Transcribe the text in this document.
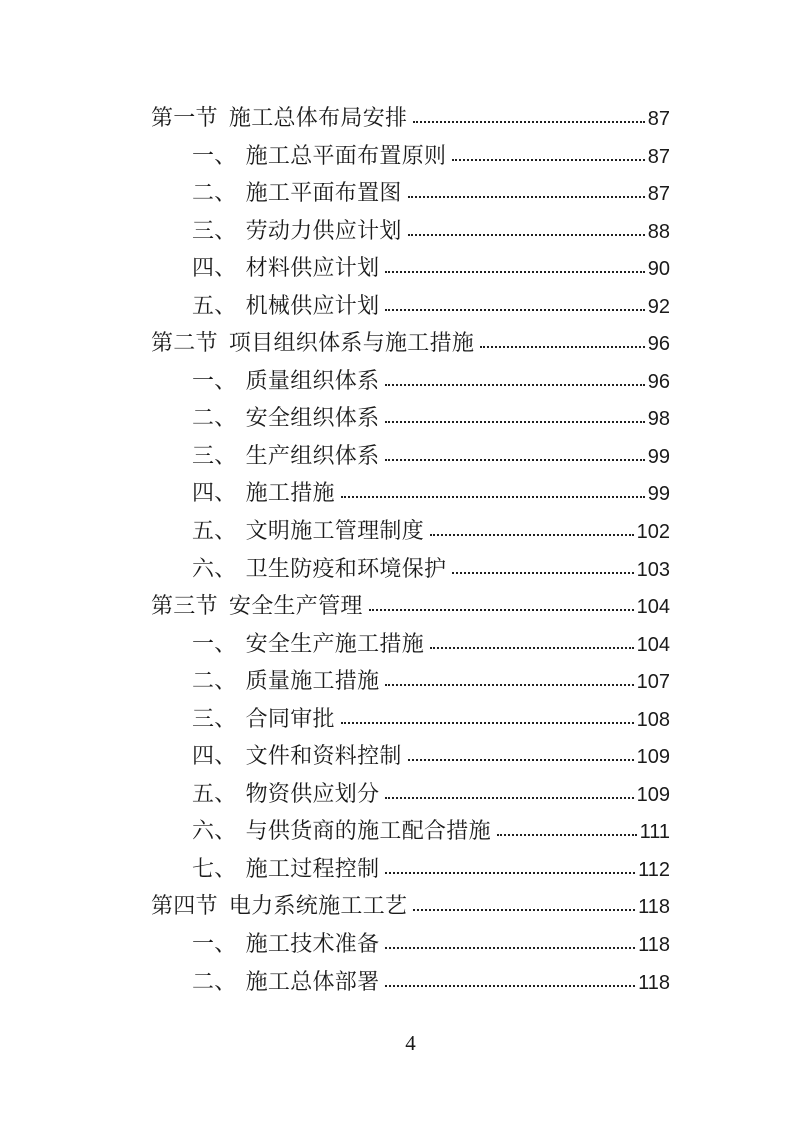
第一节 施工总体布局安排	87
一、 施工总平面布置原则	87
二、 施工平面布置图	87
三、 劳动力供应计划	88
四、 材料供应计划	90
五、 机械供应计划	92
第二节 项目组织体系与施工措施	96
一、 质量组织体系	96
二、 安全组织体系	98
三、 生产组织体系	99
四、 施工措施	99
五、 文明施工管理制度	102
六、 卫生防疫和环境保护	103
第三节 安全生产管理	104
一、 安全生产施工措施	104
二、 质量施工措施	107
三、 合同审批	108
四、 文件和资料控制	109
五、 物资供应划分	109
六、 与供货商的施工配合措施	111
七、 施工过程控制	112
第四节 电力系统施工工艺	118
一、 施工技术准备	118
二、 施工总体部署	118
4
